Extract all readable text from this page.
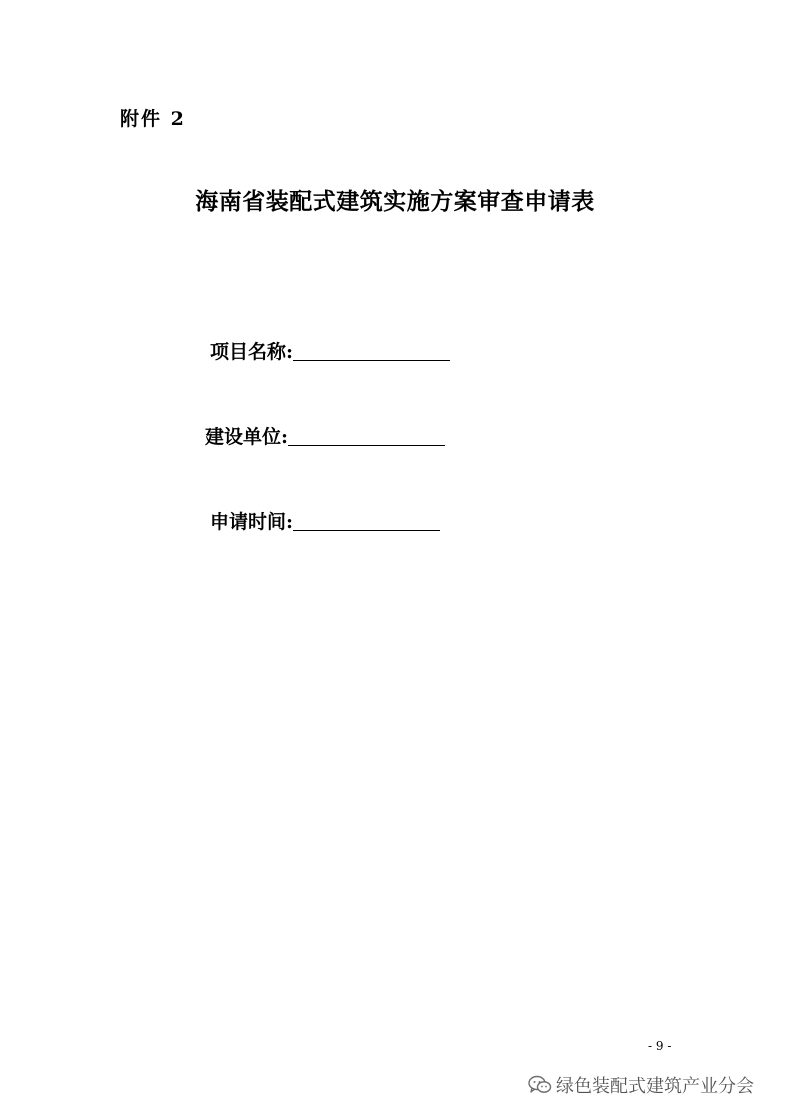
附件 2
海南省装配式建筑实施方案审查申请表
项目名称:
建设单位:
申请时间:
- 9 -
绿色装配式建筑产业分会
